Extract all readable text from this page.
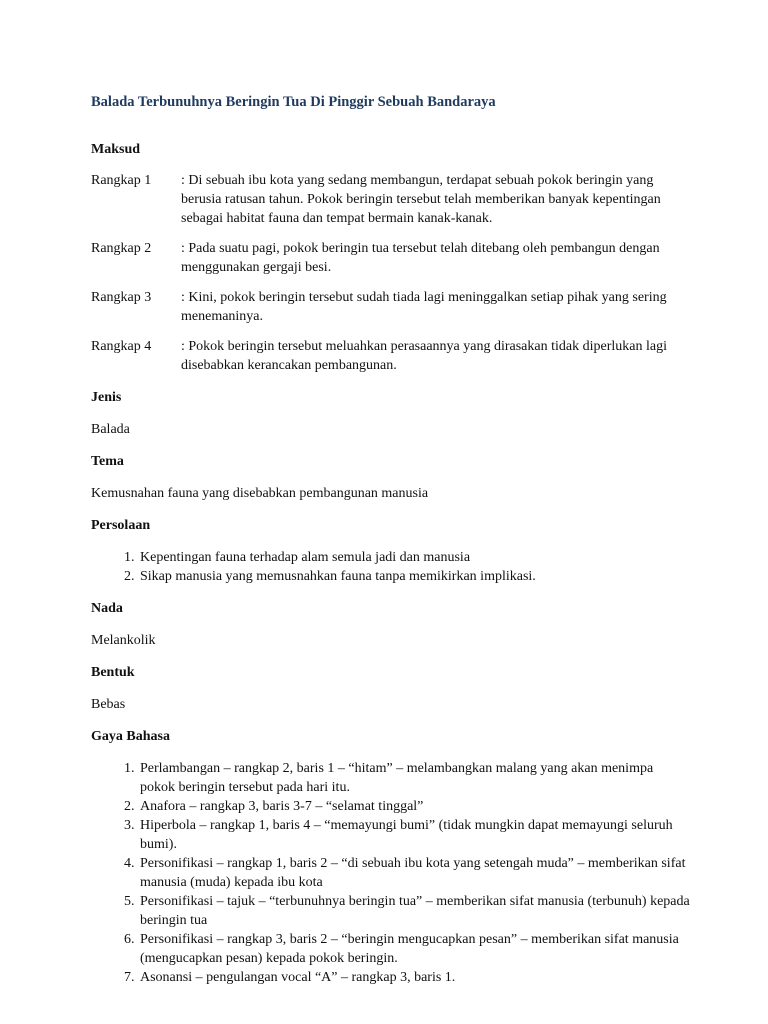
Balada Terbunuhnya Beringin Tua Di Pinggir Sebuah Bandaraya
Maksud
Rangkap 1	: Di sebuah ibu kota yang sedang membangun, terdapat sebuah pokok beringin yang berusia ratusan tahun. Pokok beringin tersebut telah memberikan banyak kepentingan sebagai habitat fauna dan tempat bermain kanak-kanak.
Rangkap 2	: Pada suatu pagi, pokok beringin tua tersebut telah ditebang oleh pembangun dengan menggunakan gergaji besi.
Rangkap 3	: Kini, pokok beringin tersebut sudah tiada lagi meninggalkan setiap pihak yang sering menemaninya.
Rangkap 4	: Pokok beringin tersebut meluahkan perasaannya yang dirasakan tidak diperlukan lagi disebabkan kerancakan pembangunan.
Jenis
Balada
Tema
Kemusnahan fauna yang disebabkan pembangunan manusia
Persolaan
1. Kepentingan fauna terhadap alam semula jadi dan manusia
2. Sikap manusia yang memusnahkan fauna tanpa memikirkan implikasi.
Nada
Melankolik
Bentuk
Bebas
Gaya Bahasa
1. Perlambangan – rangkap 2, baris 1 – “hitam” – melambangkan malang yang akan menimpa pokok beringin tersebut pada hari itu.
2. Anafora – rangkap 3, baris 3-7 – “selamat tinggal”
3. Hiperbola – rangkap 1, baris 4 – “memayungi bumi” (tidak mungkin dapat memayungi seluruh bumi).
4. Personifikasi – rangkap 1, baris 2 – “di sebuah ibu kota yang setengah muda” – memberikan sifat manusia (muda) kepada ibu kota
5. Personifikasi – tajuk – “terbunuhnya beringin tua” – memberikan sifat manusia (terbunuh) kepada beringin tua
6. Personifikasi – rangkap 3, baris 2 – “beringin mengucapkan pesan” – memberikan sifat manusia (mengucapkan pesan) kepada pokok beringin.
7. Asonansi – pengulangan vocal “A” – rangkap 3, baris 1.
